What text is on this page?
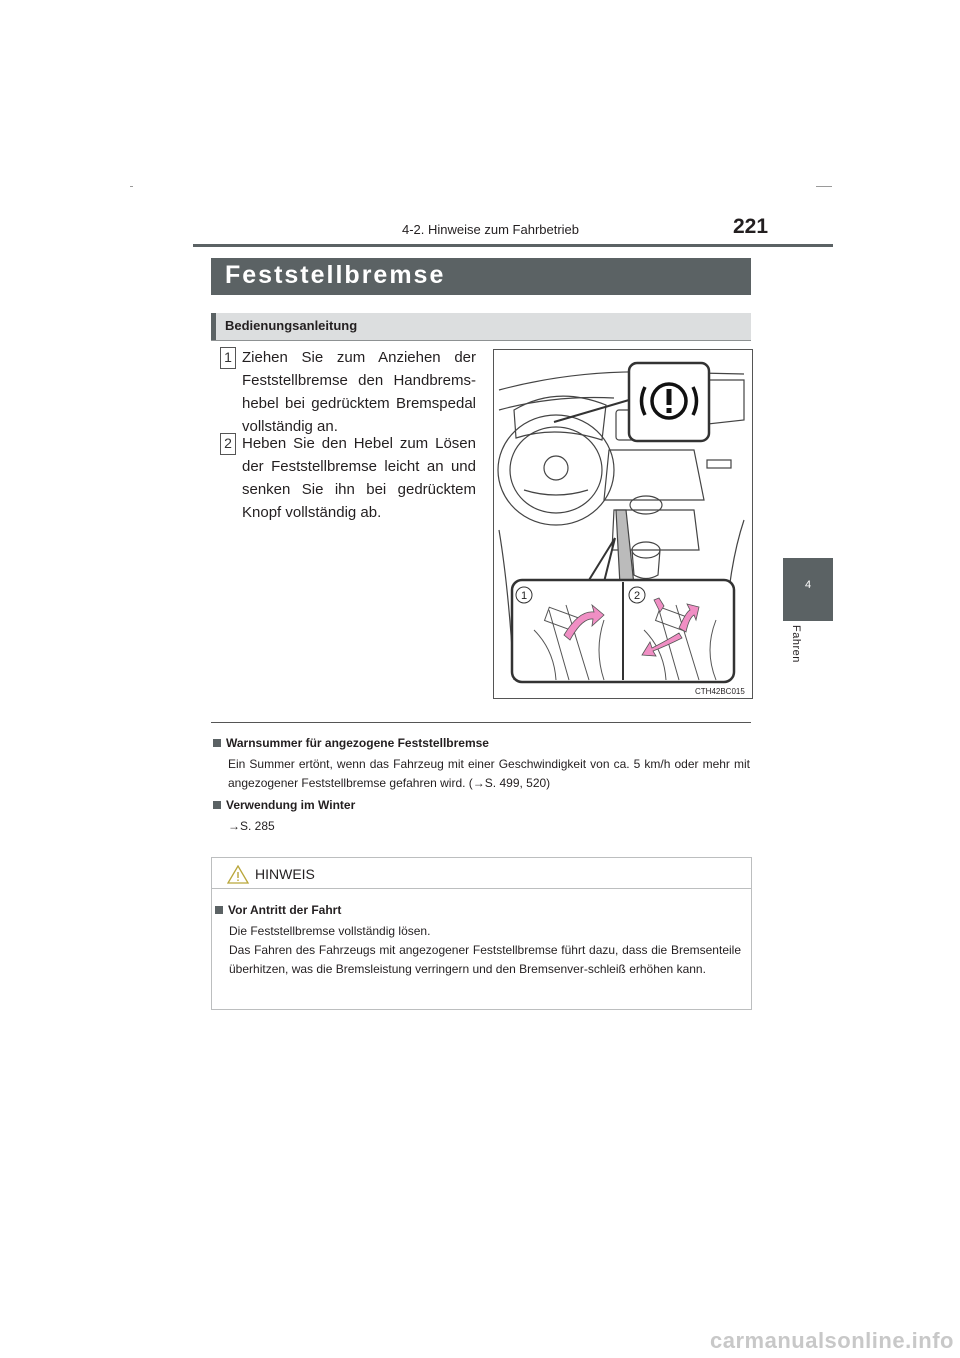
4-2. Hinweise zum Fahrbetrieb	221
4
Fahren
Feststellbremse
Bedienungsanleitung
1 Ziehen Sie zum Anziehen der Feststellbremse den Handbrems-hebel bei gedrücktem Bremspedal vollständig an.
2 Heben Sie den Hebel zum Lösen der Feststellbremse leicht an und senken Sie ihn bei gedrücktem Knopf vollständig ab.
1	2
CTH42BC015
Warnsummer für angezogene Feststellbremse
Ein Summer ertönt, wenn das Fahrzeug mit einer Geschwindigkeit von ca. 5 km/h oder mehr mit angezogener Feststellbremse gefahren wird. (→S. 499, 520)
Verwendung im Winter
→S. 285
HINWEIS
Vor Antritt der Fahrt
Die Feststellbremse vollständig lösen.
Das Fahren des Fahrzeugs mit angezogener Feststellbremse führt dazu, dass die Bremsenteile überhitzen, was die Bremsleistung verringern und den Bremsenver-schleiß erhöhen kann.
carmanualsonline.info
